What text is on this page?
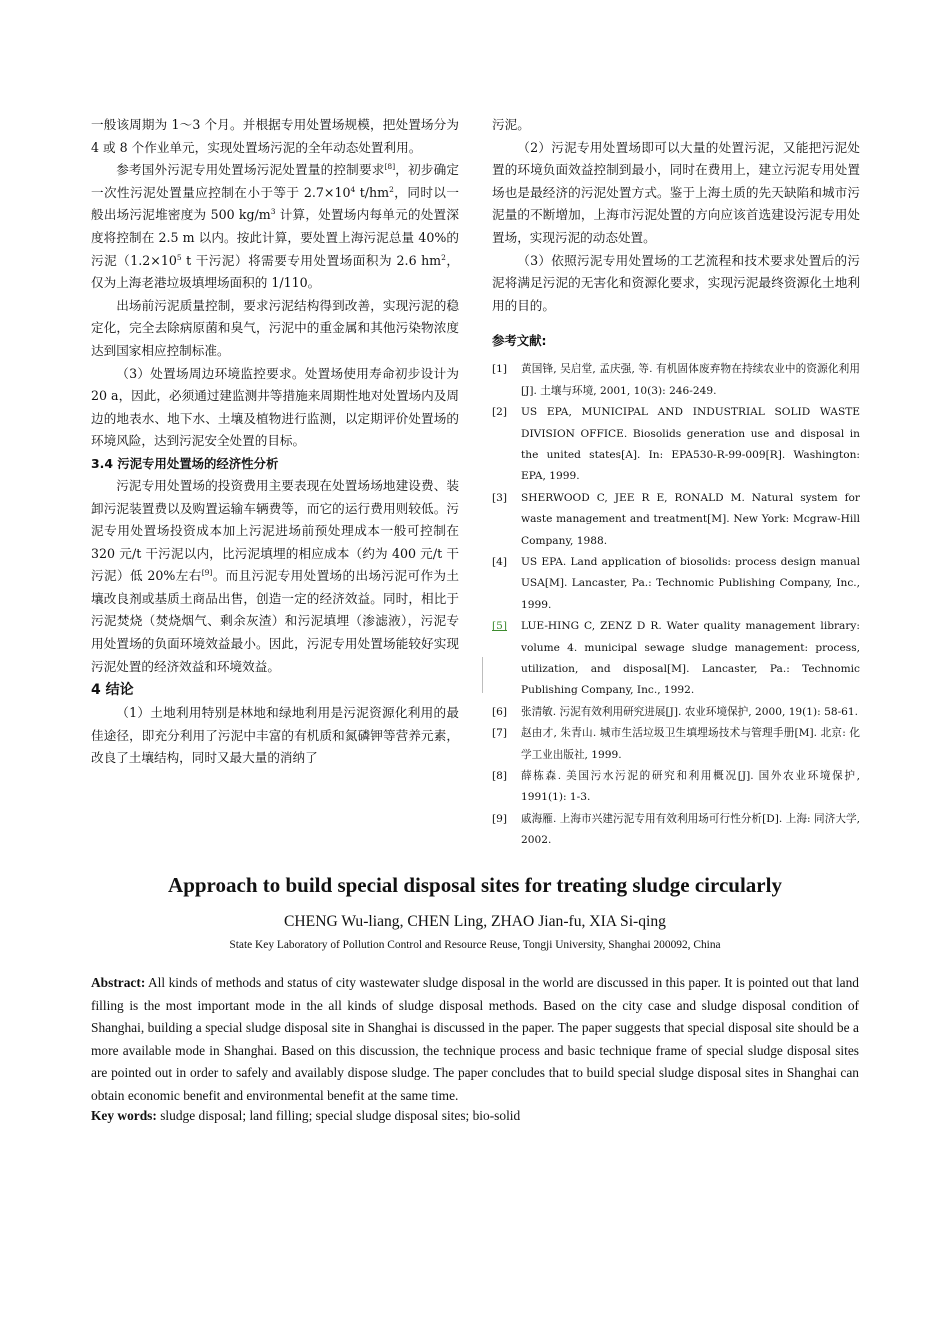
一般该周期为 1～3 个月。并根据专用处置场规模，把处置场分为 4 或 8 个作业单元，实现处置场污泥的全年动态处置利用。

参考国外污泥专用处置场污泥处置量的控制要求[8]，初步确定一次性污泥处置量应控制在小于等于 $2.7\times 10^4$ $t/hm^2$，同时以一般出场污泥堆密度为 500 $kg/m^3$ 计算，处置场内每单元的处置深度将控制在 2.5 m 以内。按此计算，要处置上海污泥总量 40%的污泥（$1.2\times 10^5$ t 干污泥）将需要专用处置场面积为 2.6 $hm^2$，仅为上海老港垃圾填埋场面积的 1/110。

出场前污泥质量控制，要求污泥结构得到改善，实现污泥的稳定化，完全去除病原菌和臭气，污泥中的重金属和其他污染物浓度达到国家相应控制标准。

（3）处置场周边环境监控要求。处置场使用寿命初步设计为 20 a，因此，必须通过建监测井等措施来周期性地对处置场内及周边的地表水、地下水、土壤及植物进行监测，以定期评价处置场的环境风险，达到污泥安全处置的目标。

3.4 污泥专用处置场的经济性分析

污泥专用处置场的投资费用主要表现在处置场场地建设费、装卸污泥装置费以及购置运输车辆费等，而它的运行费用则较低。污泥专用处置场投资成本加上污泥进场前预处理成本一般可控制在 320 元/t 干污泥以内，比污泥填埋的相应成本（约为 400 元/t 干污泥）低 20%左右[9]。而且污泥专用处置场的出场污泥可作为土壤改良剂或基质土商品出售，创造一定的经济效益。同时，相比于污泥焚烧（焚烧烟气、剩余灰渣）和污泥填埋（渗滤液），污泥专用处置场的负面环境效益最小。因此，污泥专用处置场能较好实现污泥处置的经济效益和环境效益。

4 结论

（1）土地利用特别是林地和绿地利用是污泥资源化利用的最佳途径，即充分利用了污泥中丰富的有机质和氮磷钾等营养元素，改良了土壤结构，同时又最大量的消纳了

污泥。

（2）污泥专用处置场即可以大量的处置污泥，又能把污泥处置的环境负面效益控制到最小，同时在费用上，建立污泥专用处置场也是最经济的污泥处置方式。鉴于上海土质的先天缺陷和城市污泥量的不断增加，上海市污泥处置的方向应该首选建设污泥专用处置场，实现污泥的动态处置。

（3）依照污泥专用处置场的工艺流程和技术要求处置后的污泥将满足污泥的无害化和资源化要求，实现污泥最终资源化土地利用的目的。

参考文献:

[1]	黄国锋, 吴启堂, 孟庆强, 等. 有机固体废弃物在持续农业中的资源化利用[J]. 土壤与环境, 2001, 10(3): 246-249.
[2]	US EPA, MUNICIPAL AND INDUSTRIAL SOLID WASTE DIVISION OFFICE. Biosolids generation use and disposal in the united states[A]. In: EPA530-R-99-009[R]. Washington: EPA, 1999.
[3]	SHERWOOD C, JEE R E, RONALD M. Natural system for waste management and treatment[M]. New York: Mcgraw-Hill Company, 1988.
[4]	US EPA. Land application of biosolids: process design manual USA[M]. Lancaster, Pa.: Technomic Publishing Company, Inc., 1999.
[5]	LUE-HING C, ZENZ D R. Water quality management library: volume 4. municipal sewage sludge management: process, utilization, and disposal[M]. Lancaster, Pa.: Technomic Publishing Company, Inc., 1992.
[6]	张清敏. 污泥有效利用研究进展[J]. 农业环境保护, 2000, 19(1): 58-61.
[7]	赵由才, 朱青山. 城市生活垃圾卫生填埋场技术与管理手册[M]. 北京: 化学工业出版社, 1999.
[8]	薛栋森. 美国污水污泥的研究和利用概况[J]. 国外农业环境保护, 1991(1): 1-3.
[9]	戚海雁. 上海市兴建污泥专用有效利用场可行性分析[D]. 上海: 同济大学, 2002.
Approach to build special disposal sites for treating sludge circularly

CHENG Wu-liang, CHEN Ling, ZHAO Jian-fu, XIA Si-qing

State Key Laboratory of Pollution Control and Resource Reuse, Tongji University, Shanghai 200092, China

Abstract: All kinds of methods and status of city wastewater sludge disposal in the world are discussed in this paper. It is pointed out that land filling is the most important mode in the all kinds of sludge disposal methods. Based on the city case and sludge disposal condition of Shanghai, building a special sludge disposal site in Shanghai is discussed in the paper. The paper suggests that special disposal site should be a more available mode in Shanghai. Based on this discussion, the technique process and basic technique frame of special sludge disposal sites are pointed out in order to safely and availably dispose sludge. The paper concludes that to build special sludge disposal sites in Shanghai can obtain economic benefit and environmental benefit at the same time.

Key words: sludge disposal; land filling; special sludge disposal sites; bio-solid
